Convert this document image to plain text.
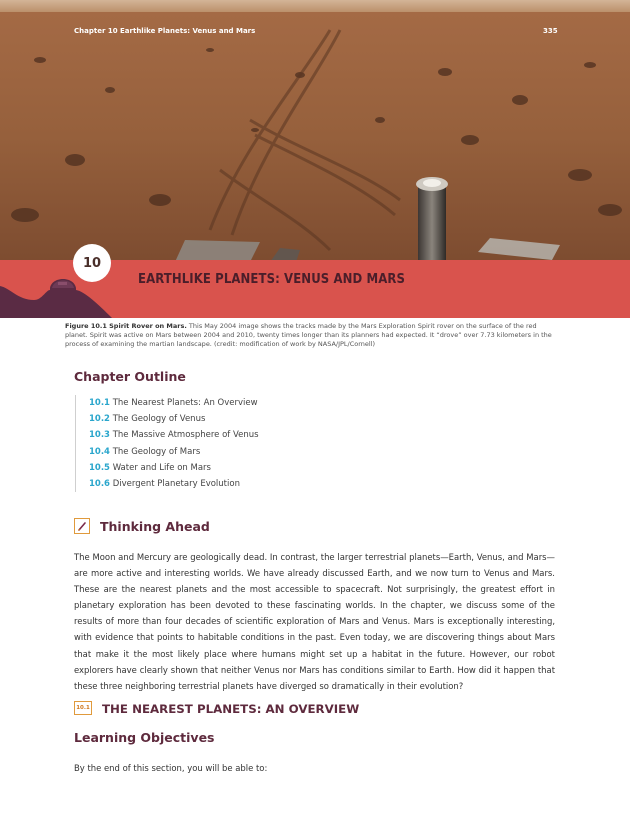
Chapter 10 Earthlike Planets: Venus and Mars	335
10
EARTHLIKE PLANETS: VENUS AND MARS
Figure 10.1 Spirit Rover on Mars. This May 2004 image shows the tracks made by the Mars Exploration Spirit rover on the surface of the red planet. Spirit was active on Mars between 2004 and 2010, twenty times longer than its planners had expected. It “drove” over 7.73 kilometers in the process of examining the martian landscape. (credit: modification of work by NASA/JPL/Cornell)
Chapter Outline
10.1 The Nearest Planets: An Overview
10.2 The Geology of Venus
10.3 The Massive Atmosphere of Venus
10.4 The Geology of Mars
10.5 Water and Life on Mars
10.6 Divergent Planetary Evolution
Thinking Ahead
The Moon and Mercury are geologically dead. In contrast, the larger terrestrial planets—Earth, Venus, and Mars—are more active and interesting worlds. We have already discussed Earth, and we now turn to Venus and Mars. These are the nearest planets and the most accessible to spacecraft. Not surprisingly, the greatest effort in planetary exploration has been devoted to these fascinating worlds. In the chapter, we discuss some of the results of more than four decades of scientific exploration of Mars and Venus. Mars is exceptionally interesting, with evidence that points to habitable conditions in the past. Even today, we are discovering things about Mars that make it the most likely place where humans might set up a habitat in the future. However, our robot explorers have clearly shown that neither Venus nor Mars has conditions similar to Earth. How did it happen that these three neighboring terrestrial planets have diverged so dramatically in their evolution?
10.1 THE NEAREST PLANETS: AN OVERVIEW
Learning Objectives
By the end of this section, you will be able to:
